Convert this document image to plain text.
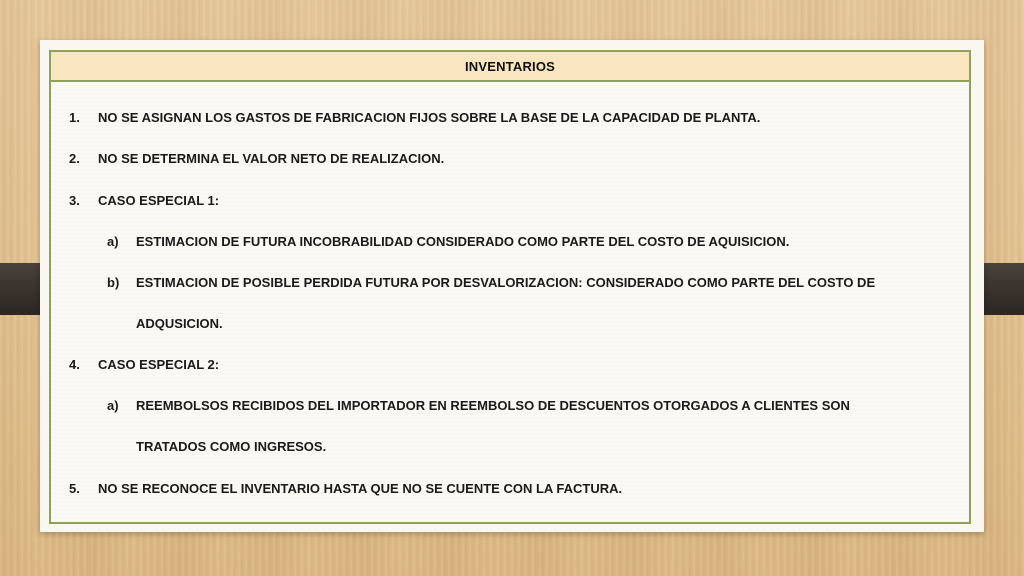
INVENTARIOS
1. NO SE ASIGNAN LOS GASTOS DE FABRICACION FIJOS SOBRE LA BASE DE LA CAPACIDAD DE PLANTA.
2. NO SE DETERMINA EL VALOR NETO DE REALIZACION.
3. CASO ESPECIAL 1:
a) ESTIMACION DE FUTURA INCOBRABILIDAD CONSIDERADO COMO PARTE DEL COSTO DE AQUISICION.
b) ESTIMACION DE POSIBLE PERDIDA FUTURA POR DESVALORIZACION: CONSIDERADO COMO PARTE DEL COSTO DE
ADQUSICION.
4. CASO ESPECIAL 2:
a) REEMBOLSOS RECIBIDOS DEL IMPORTADOR EN REEMBOLSO DE DESCUENTOS OTORGADOS A CLIENTES SON
TRATADOS COMO INGRESOS.
5. NO SE RECONOCE EL INVENTARIO HASTA QUE NO SE CUENTE CON LA FACTURA.
